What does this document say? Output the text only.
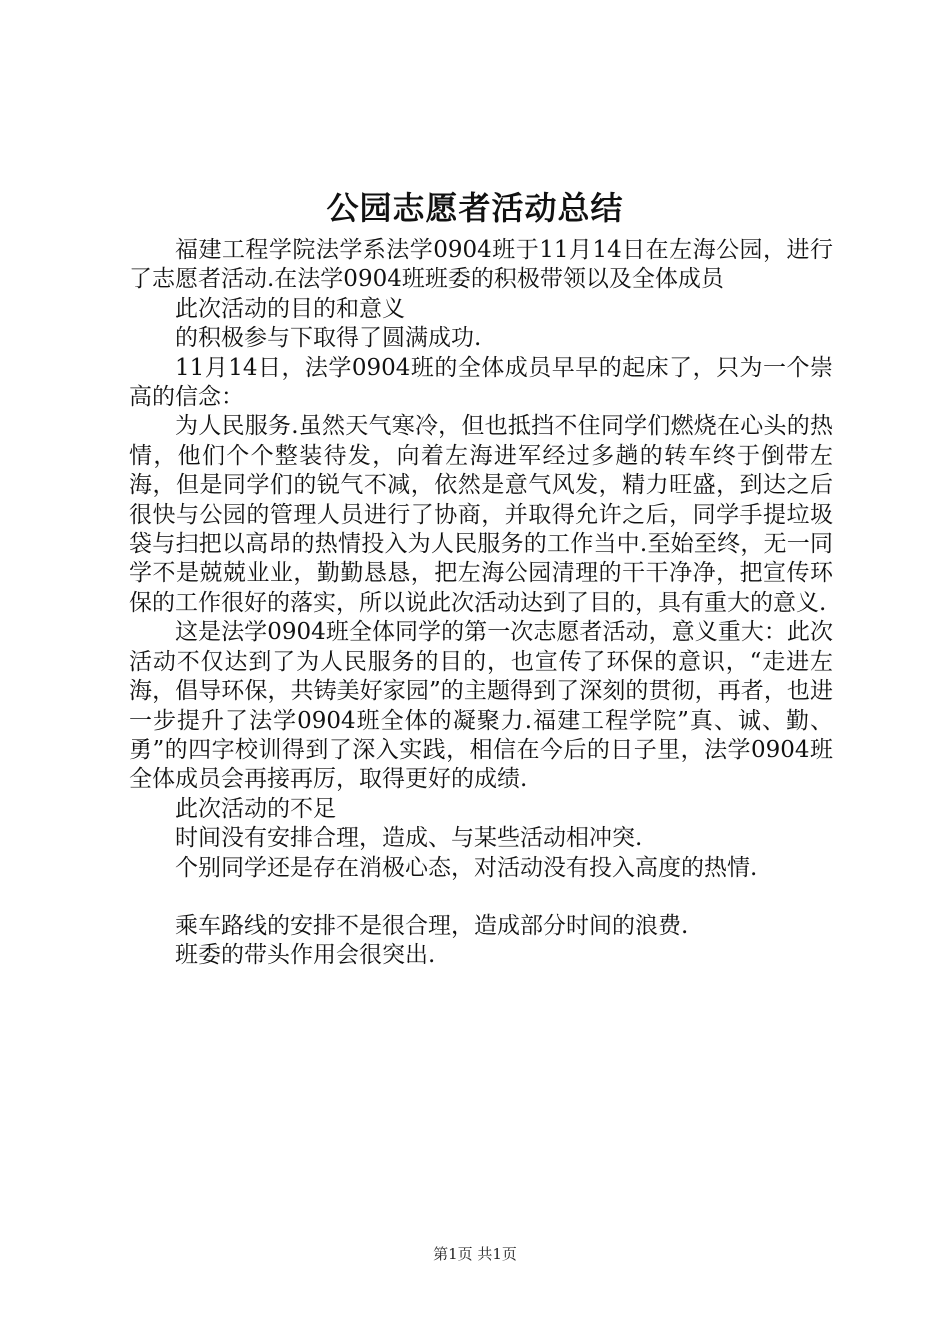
公园志愿者活动总结

福建工程学院法学系法学0904班于11月14日在左海公园，进行了志愿者活动.在法学0904班班委的积极带领以及全体成员

此次活动的目的和意义

的积极参与下取得了圆满成功.

11月14日，法学0904班的全体成员早早的起床了，只为一个崇高的信念：

为人民服务.虽然天气寒冷，但也抵挡不住同学们燃烧在心头的热情，他们个个整装待发，向着左海进军经过多趟的转车终于倒带左海，但是同学们的锐气不减，依然是意气风发，精力旺盛，到达之后很快与公园的管理人员进行了协商，并取得允许之后，同学手提垃圾袋与扫把以高昂的热情投入为人民服务的工作当中.至始至终，无一同学不是兢兢业业，勤勤恳恳，把左海公园清理的干干净净，把宣传环保的工作很好的落实，所以说此次活动达到了目的，具有重大的意义.

这是法学0904班全体同学的第一次志愿者活动，意义重大：此次活动不仅达到了为人民服务的目的，也宣传了环保的意识，“走进左海，倡导环保，共铸美好家园”的主题得到了深刻的贯彻，再者，也进一步提升了法学0904班全体的凝聚力.福建工程学院”真、诚、勤、勇”的四字校训得到了深入实践，相信在今后的日子里，法学0904班全体成员会再接再厉，取得更好的成绩.

此次活动的不足

时间没有安排合理，造成、与某些活动相冲突.

个别同学还是存在消极心态，对活动没有投入高度的热情.

乘车路线的安排不是很合理，造成部分时间的浪费.

班委的带头作用会很突出.

第1页 共1页
